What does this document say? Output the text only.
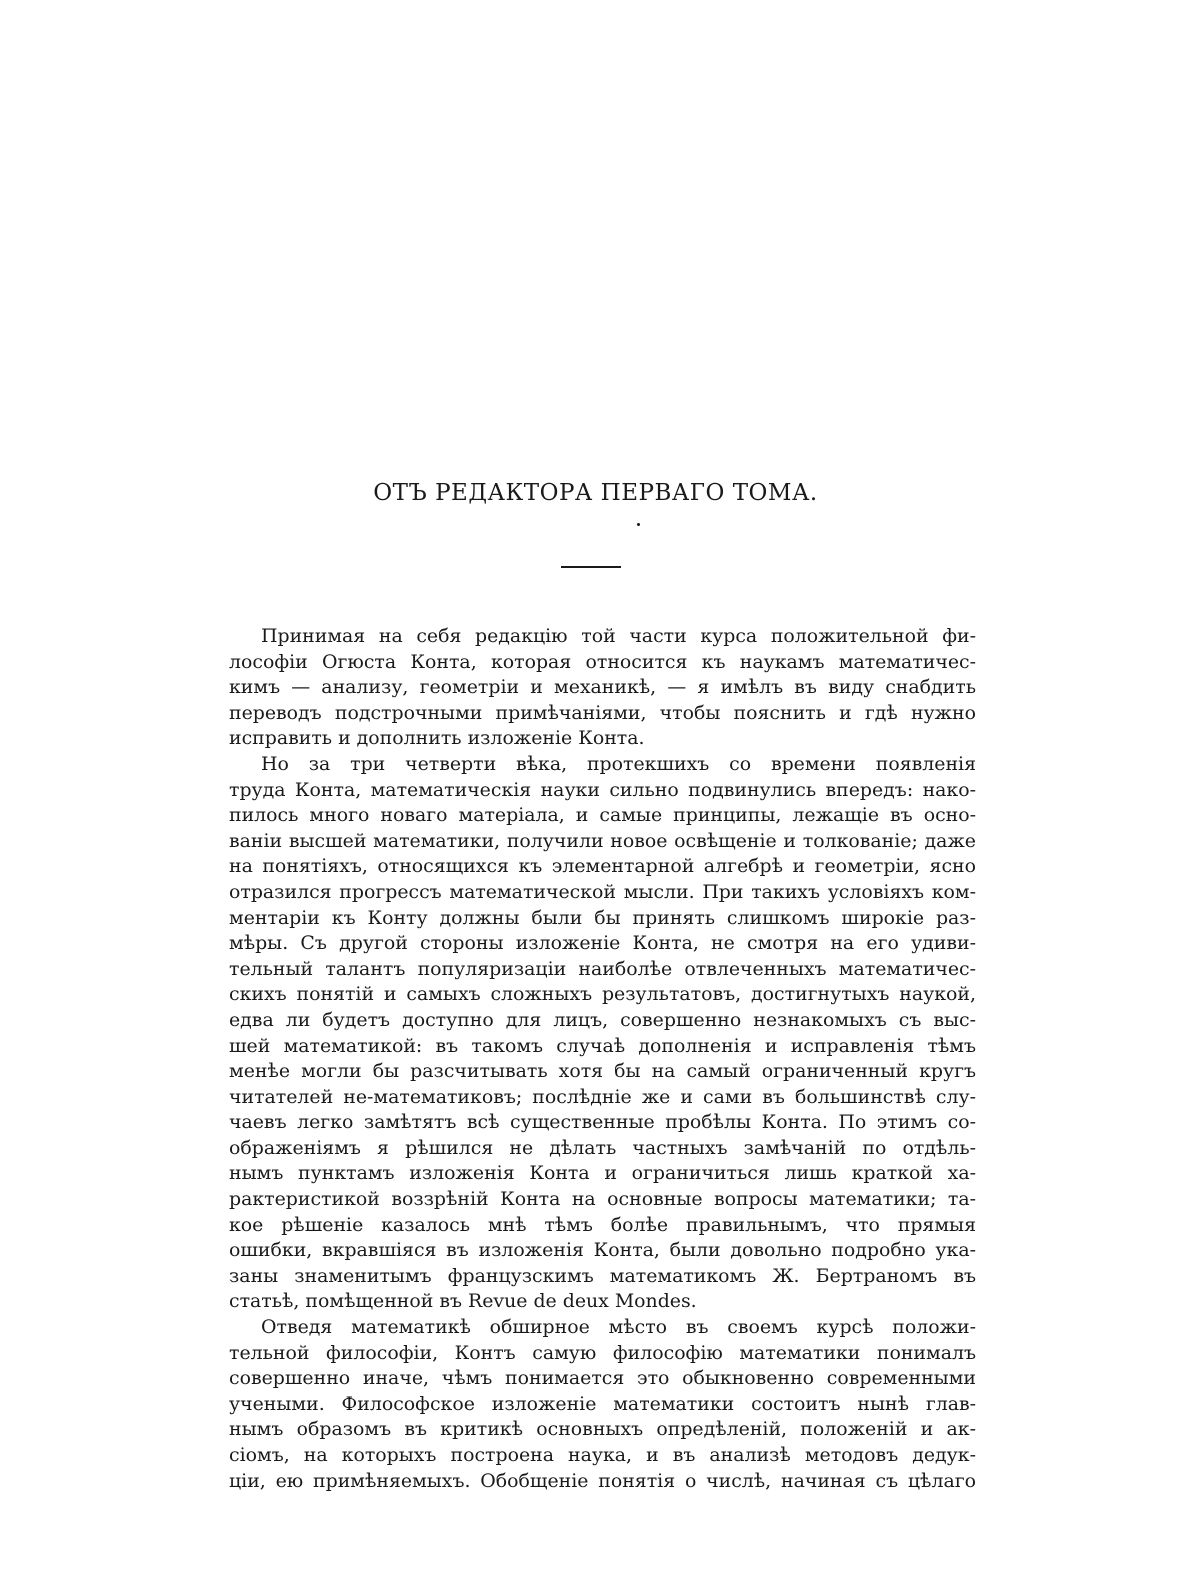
ОТЪ РЕДАКТОРА ПЕРВАГО ТОМА.
Принимая на себя редакцію той части курса положительной фи-
лософіи Огюста Конта, которая относится къ наукамъ математичес-
кимъ — анализу, геометріи и механикѣ, — я имѣлъ въ виду снабдить
переводъ подстрочными примѣчаніями, чтобы пояснить и гдѣ нужно
исправить и дополнить изложеніе Конта.
Но за три четверти вѣка, протекшихъ со времени появленія
труда Конта, математическія науки сильно подвинулись впередъ: нако-
пилось много новаго матеріала, и самые принципы, лежащіе въ осно-
ваніи высшей математики, получили новое освѣщеніе и толкованіе; даже
на понятіяхъ, относящихся къ элементарной алгебрѣ и геометріи, ясно
отразился прогрессъ математической мысли. При такихъ условіяхъ ком-
ментаріи къ Конту должны были бы принять слишкомъ широкіе раз-
мѣры. Съ другой стороны изложеніе Конта, не смотря на его удиви-
тельный талантъ популяризаціи наиболѣе отвлеченныхъ математичес-
скихъ понятій и самыхъ сложныхъ результатовъ, достигнутыхъ наукой,
едва ли будетъ доступно для лицъ, совершенно незнакомыхъ съ выс-
шей математикой: въ такомъ случаѣ дополненія и исправленія тѣмъ
менѣе могли бы разсчитывать хотя бы на самый ограниченный кругъ
читателей не-математиковъ; послѣдніе же и сами въ большинствѣ слу-
чаевъ легко замѣтятъ всѣ существенные пробѣлы Конта. По этимъ со-
ображеніямъ я рѣшился не дѣлать частныхъ замѣчаній по отдѣль-
нымъ пунктамъ изложенія Конта и ограничиться лишь краткой ха-
рактеристикой воззрѣній Конта на основные вопросы математики; та-
кое рѣшеніе казалось мнѣ тѣмъ болѣе правильнымъ, что прямыя
ошибки, вкравшіяся въ изложенія Конта, были довольно подробно ука-
заны знаменитымъ французскимъ математикомъ Ж. Бертраномъ въ
статьѣ, помѣщенной въ Revue de deux Mondes.
Отведя математикѣ обширное мѣсто въ своемъ курсѣ положи-
тельной философіи, Контъ самую философію математики понималъ
совершенно иначе, чѣмъ понимается это обыкновенно современными
учеными. Философское изложеніе математики состоитъ нынѣ глав-
нымъ образомъ въ критикѣ основныхъ опредѣленій, положеній и ак-
сіомъ, на которыхъ построена наука, и въ анализѣ методовъ дедук-
ціи, ею примѣняемыхъ. Обобщеніе понятія о числѣ, начиная съ цѣлаго
